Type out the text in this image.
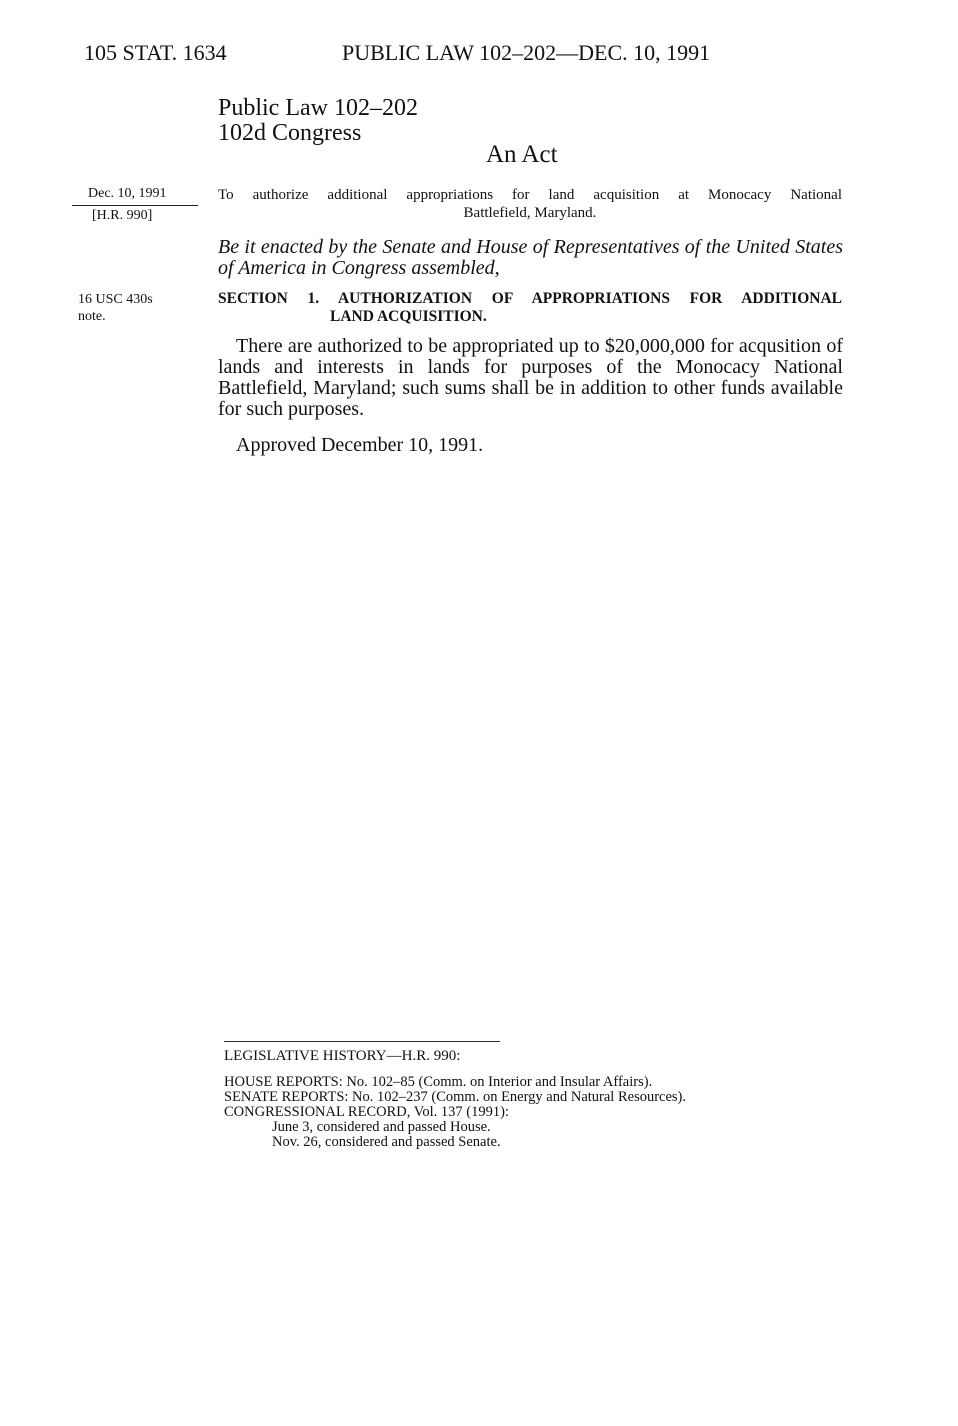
105 STAT. 1634	PUBLIC LAW 102–202—DEC. 10, 1991
Public Law 102–202
102d Congress
An Act
Dec. 10, 1991
[H.R. 990]
16 USC 430s
note.
To authorize additional appropriations for land acquisition at Monocacy National
Battlefield, Maryland.
Be it enacted by the Senate and House of Representatives of the United States of America in Congress assembled,
SECTION 1. AUTHORIZATION OF APPROPRIATIONS FOR ADDITIONAL
LAND ACQUISITION.
There are authorized to be appropriated up to $20,000,000 for acqusition of lands and interests in lands for purposes of the Monocacy National Battlefield, Maryland; such sums shall be in addition to other funds available for such purposes.
Approved December 10, 1991.
LEGISLATIVE HISTORY—H.R. 990:
HOUSE REPORTS: No. 102–85 (Comm. on Interior and Insular Affairs).
SENATE REPORTS: No. 102–237 (Comm. on Energy and Natural Resources).
CONGRESSIONAL RECORD, Vol. 137 (1991):
June 3, considered and passed House.
Nov. 26, considered and passed Senate.
